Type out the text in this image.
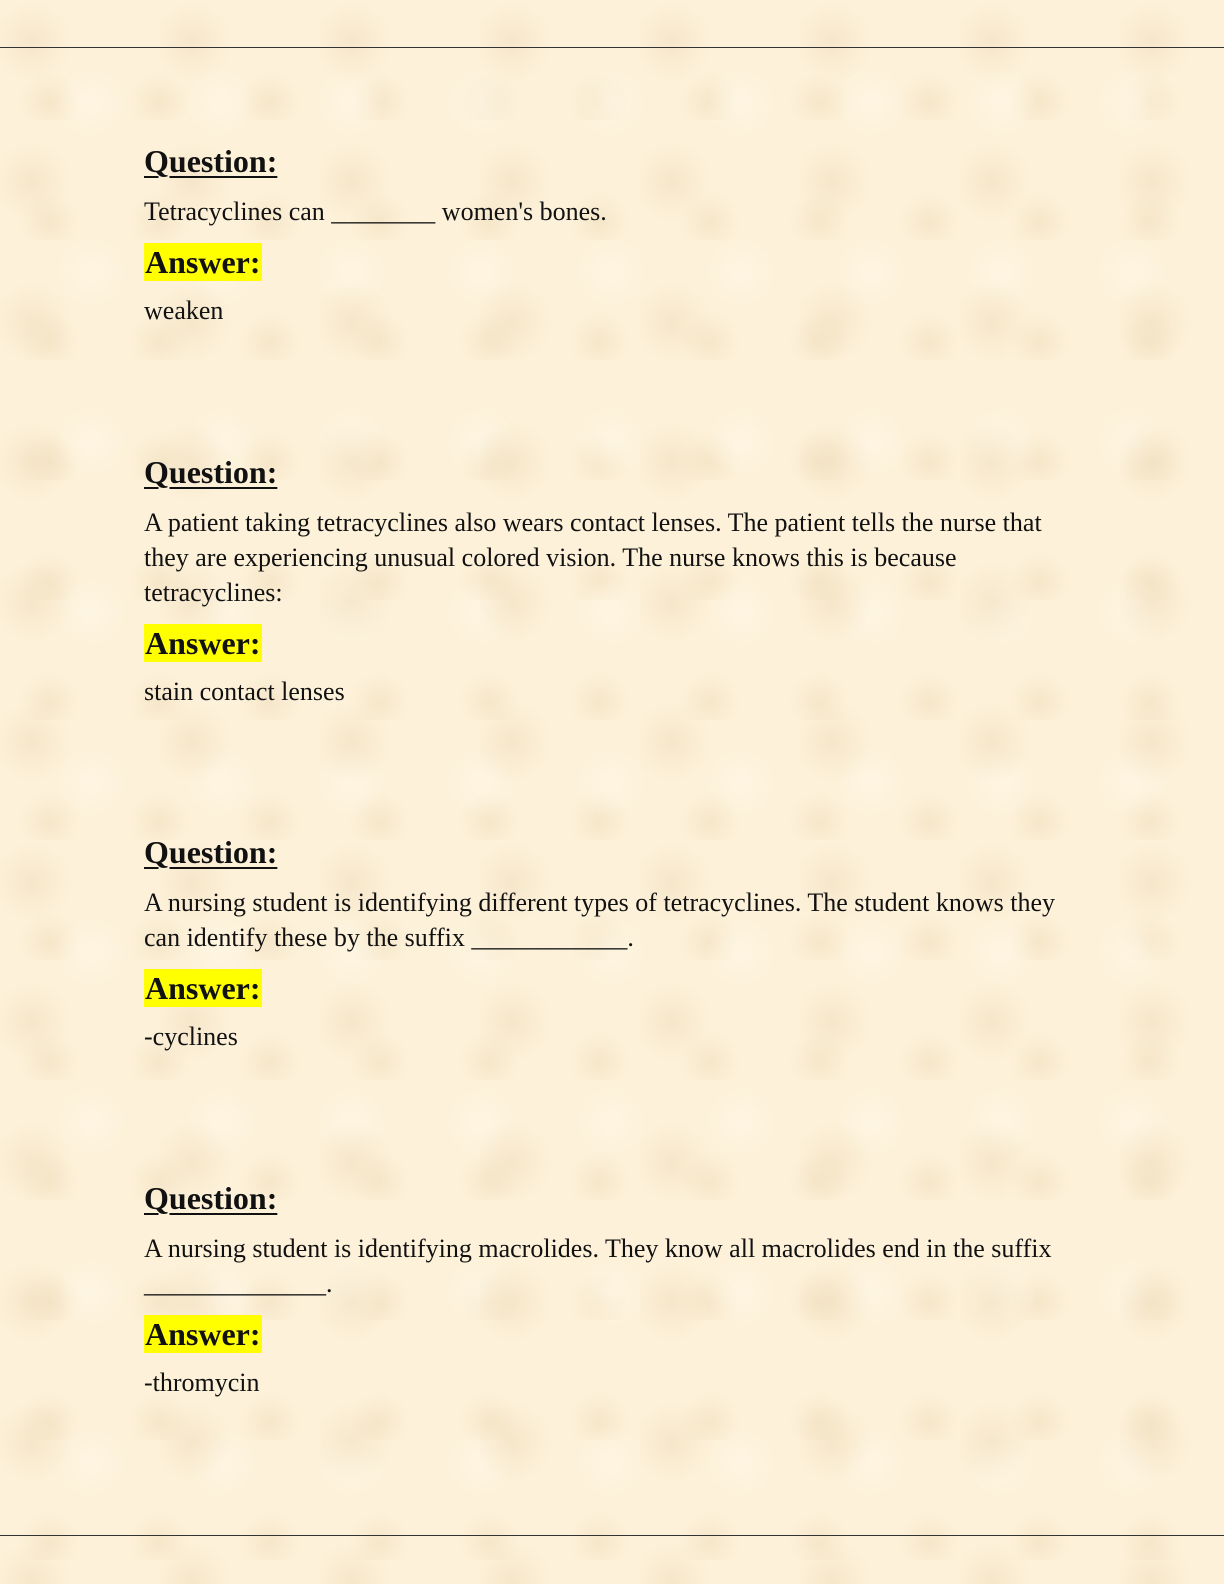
Question:

Tetracyclines can ________ women's bones.

Answer:

weaken

Question:

A patient taking tetracyclines also wears contact lenses. The patient tells the nurse that they are experiencing unusual colored vision. The nurse knows this is because tetracyclines:

Answer:

stain contact lenses

Question:

A nursing student is identifying different types of tetracyclines. The student knows they can identify these by the suffix ____________.

Answer:

-cyclines

Question:

A nursing student is identifying macrolides. They know all macrolides end in the suffix ______________.

Answer:

-thromycin
